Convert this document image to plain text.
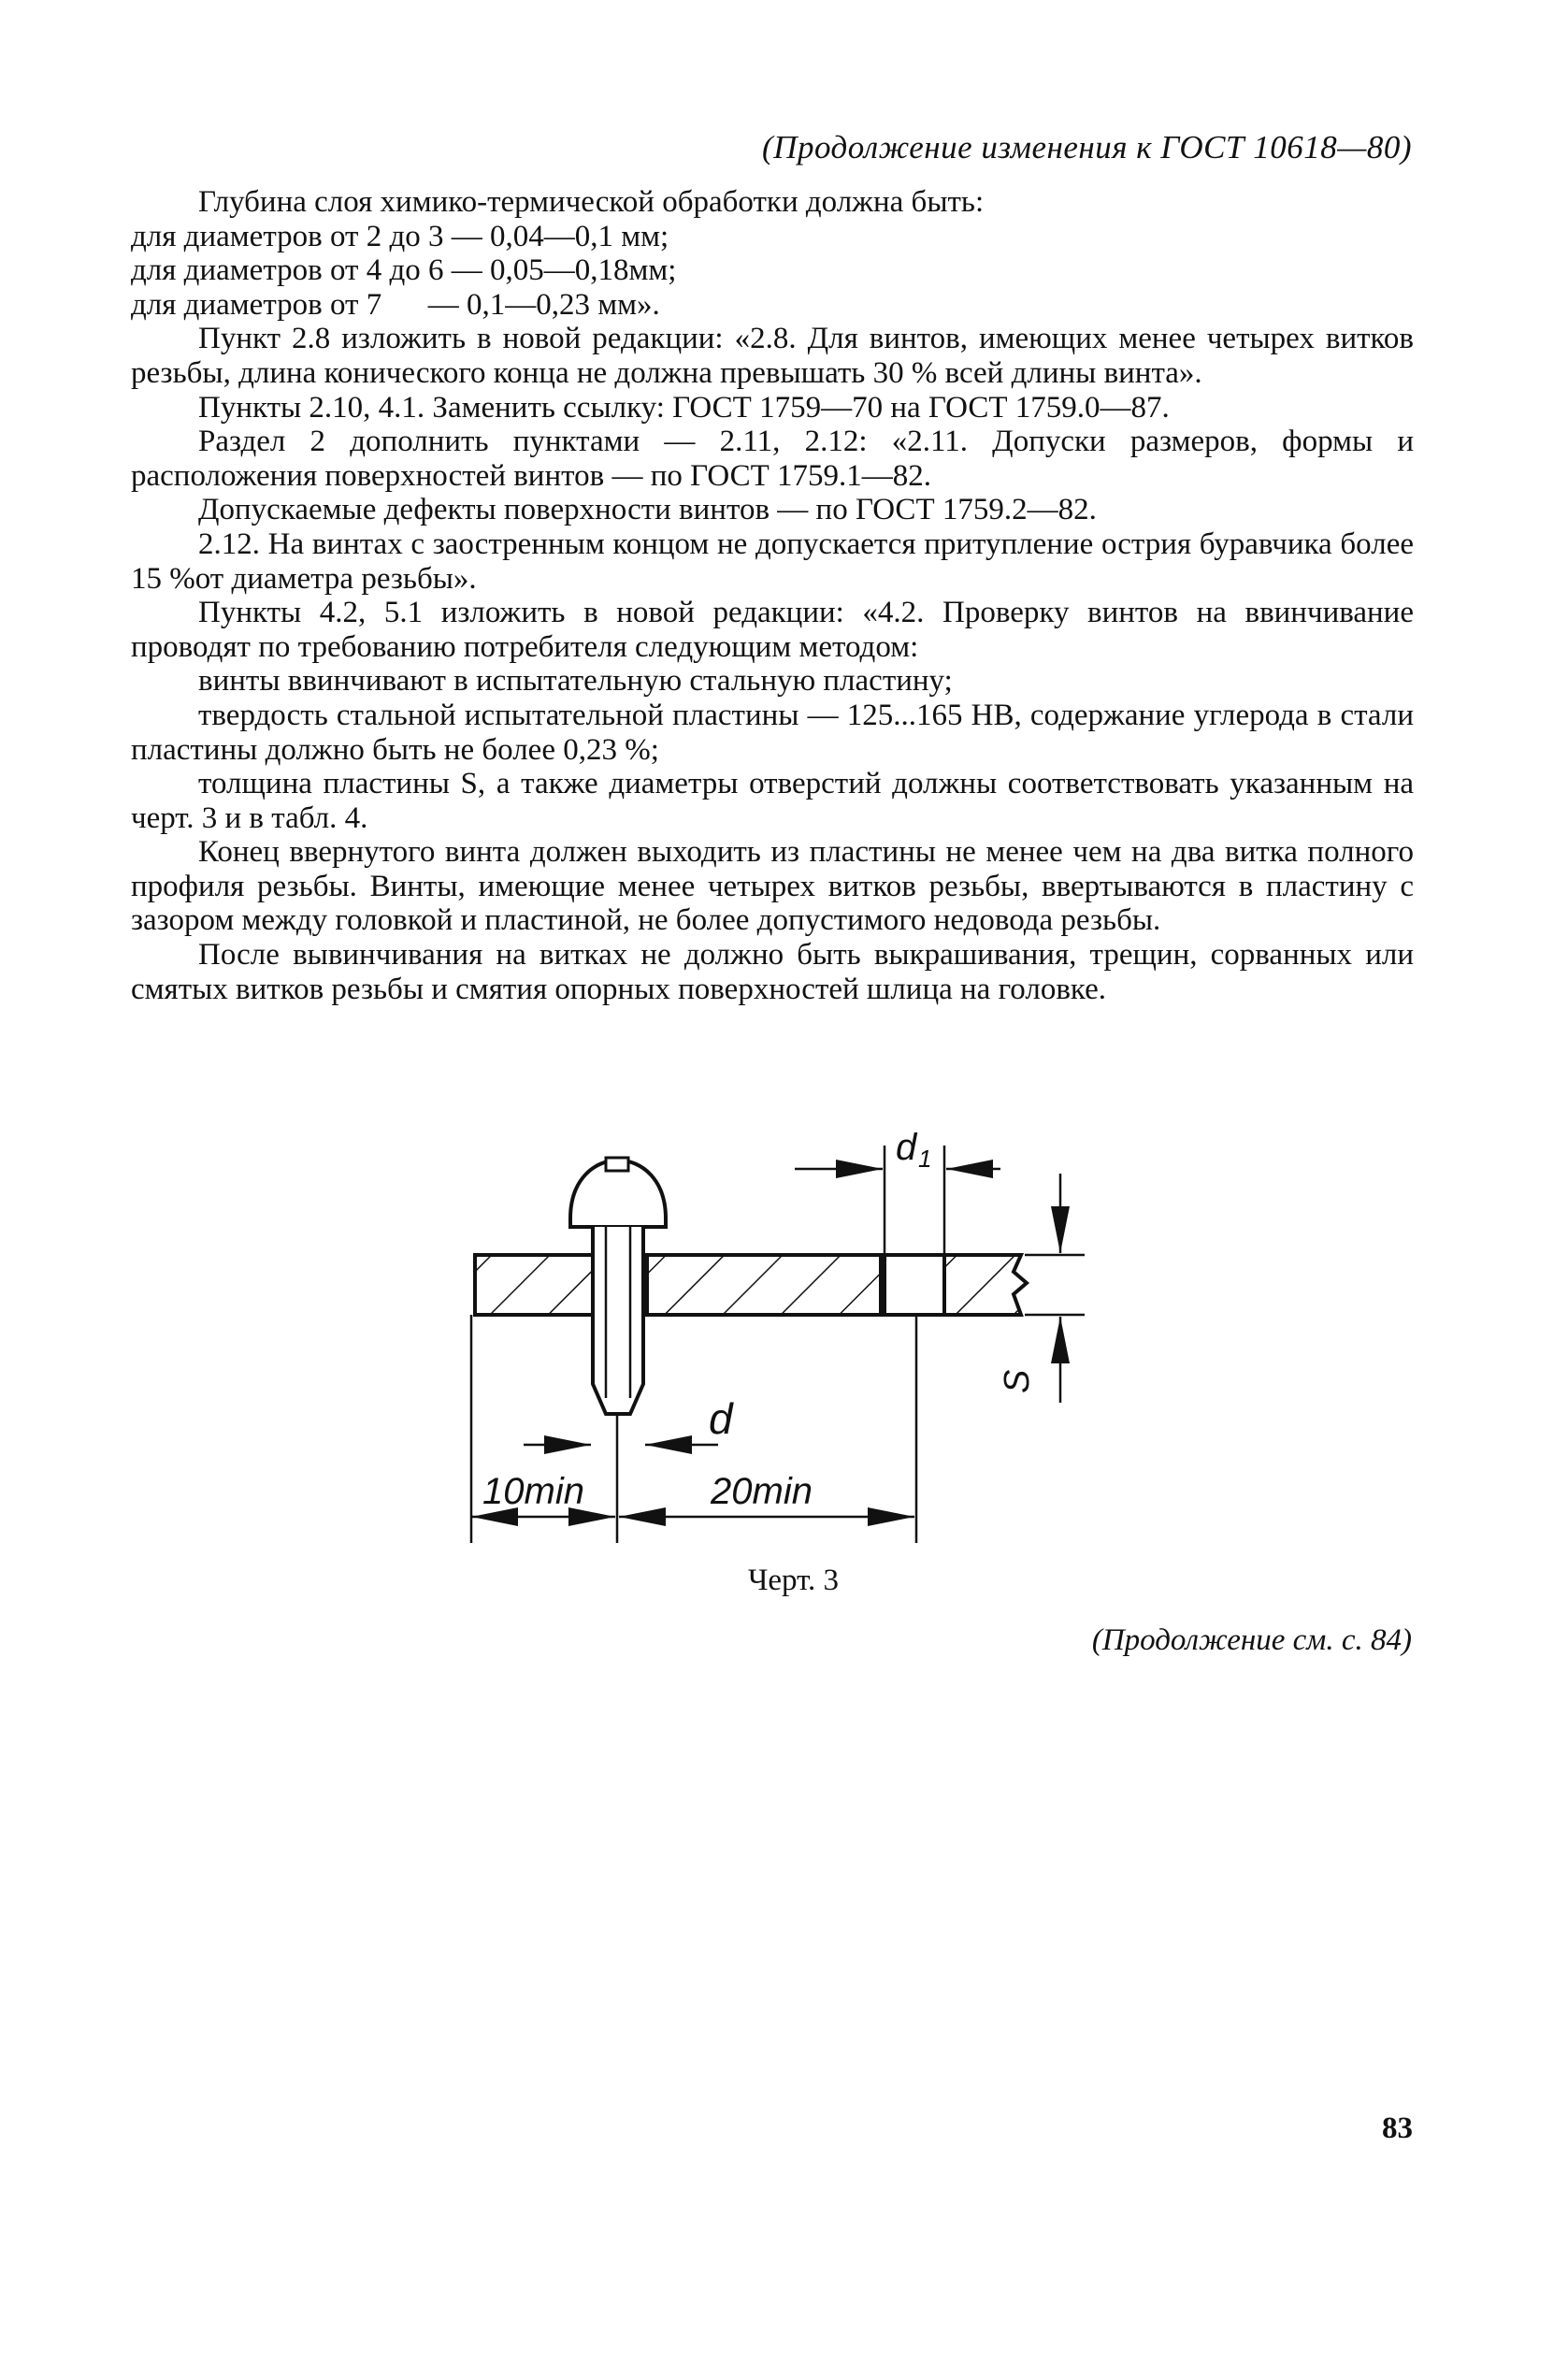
(Продолжение изменения к ГОСТ 10618—80)

Глубина слоя химико-термической обработки должна быть:

для диаметров от 2 до 3 — 0,04—0,1 мм;

для диаметров от 4 до 6 — 0,05—0,18мм;

для диаметров от 7      — 0,1—0,23 мм».

Пункт 2.8 изложить в новой редакции: «2.8. Для винтов, имеющих менее четырех витков резьбы, длина конического конца не должна превышать 30 % всей длины винта».

Пункты 2.10, 4.1. Заменить ссылку: ГОСТ 1759—70 на ГОСТ 1759.0—87.

Раздел 2 дополнить пунктами — 2.11, 2.12: «2.11. Допуски размеров, формы и расположения поверхностей винтов — по ГОСТ 1759.1—82.

Допускаемые дефекты поверхности винтов — по ГОСТ 1759.2—82.

2.12. На винтах с заостренным концом не допускается притупление острия буравчика более 15 %от диаметра резьбы».

Пункты 4.2, 5.1 изложить в новой редакции: «4.2. Проверку винтов на ввинчивание проводят по требованию потребителя следующим методом:

винты ввинчивают в испытательную стальную пластину;

твердость стальной испытательной пластины — 125...165 HB, содержание углерода в стали пластины должно быть не более 0,23 %;

толщина пластины S, а также диаметры отверстий должны соответствовать указанным на черт. 3 и в табл. 4.

Конец ввернутого винта должен выходить из пластины не менее чем на два витка полного профиля резьбы. Винты, имеющие менее четырех витков резьбы, ввертываются в пластину с зазором между головкой и пластиной, не более допустимого недовода резьбы.

После вывинчивания на витках не должно быть выкрашивания, трещин, сорванных или смятых витков резьбы и смятия опорных поверхностей шлица на головке.

d 1
d
S
10min	20min
Черт. 3
(Продолжение см. с. 84)
83
